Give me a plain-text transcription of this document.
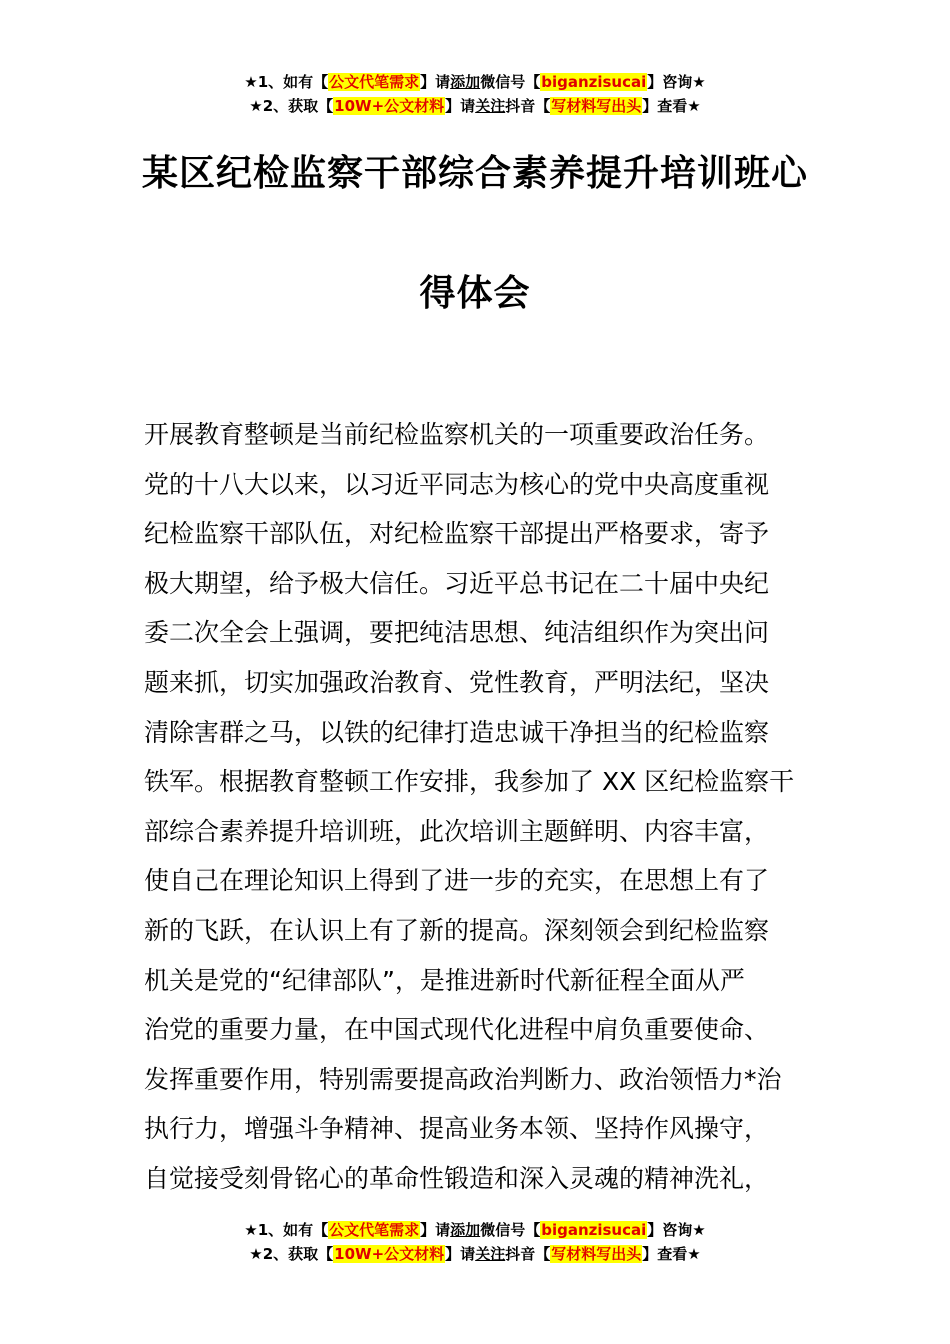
★1、如有【公文代笔需求】请添加微信号【biganzisucai】咨询★
★2、获取【10W+公文材料】请关注抖音【写材料写出头】查看★
某区纪检监察干部综合素养提升培训班心
得体会
开展教育整顿是当前纪检监察机关的一项重要政治任务。
党的十八大以来，以习近平同志为核心的党中央高度重视
纪检监察干部队伍，对纪检监察干部提出严格要求，寄予
极大期望，给予极大信任。习近平总书记在二十届中央纪
委二次全会上强调，要把纯洁思想、纯洁组织作为突出问
题来抓，切实加强政治教育、党性教育，严明法纪，坚决
清除害群之马，以铁的纪律打造忠诚干净担当的纪检监察
铁军。根据教育整顿工作安排，我参加了 XX 区纪检监察干
部综合素养提升培训班，此次培训主题鲜明、内容丰富，
使自己在理论知识上得到了进一步的充实，在思想上有了
新的飞跃，在认识上有了新的提高。深刻领会到纪检监察
机关是党的“纪律部队”，是推进新时代新征程全面从严
治党的重要力量，在中国式现代化进程中肩负重要使命、
发挥重要作用，特别需要提高政治判断力、政治领悟力*治
执行力，增强斗争精神、提高业务本领、坚持作风操守，
自觉接受刻骨铭心的革命性锻造和深入灵魂的精神洗礼，
★1、如有【公文代笔需求】请添加微信号【biganzisucai】咨询★
★2、获取【10W+公文材料】请关注抖音【写材料写出头】查看★
